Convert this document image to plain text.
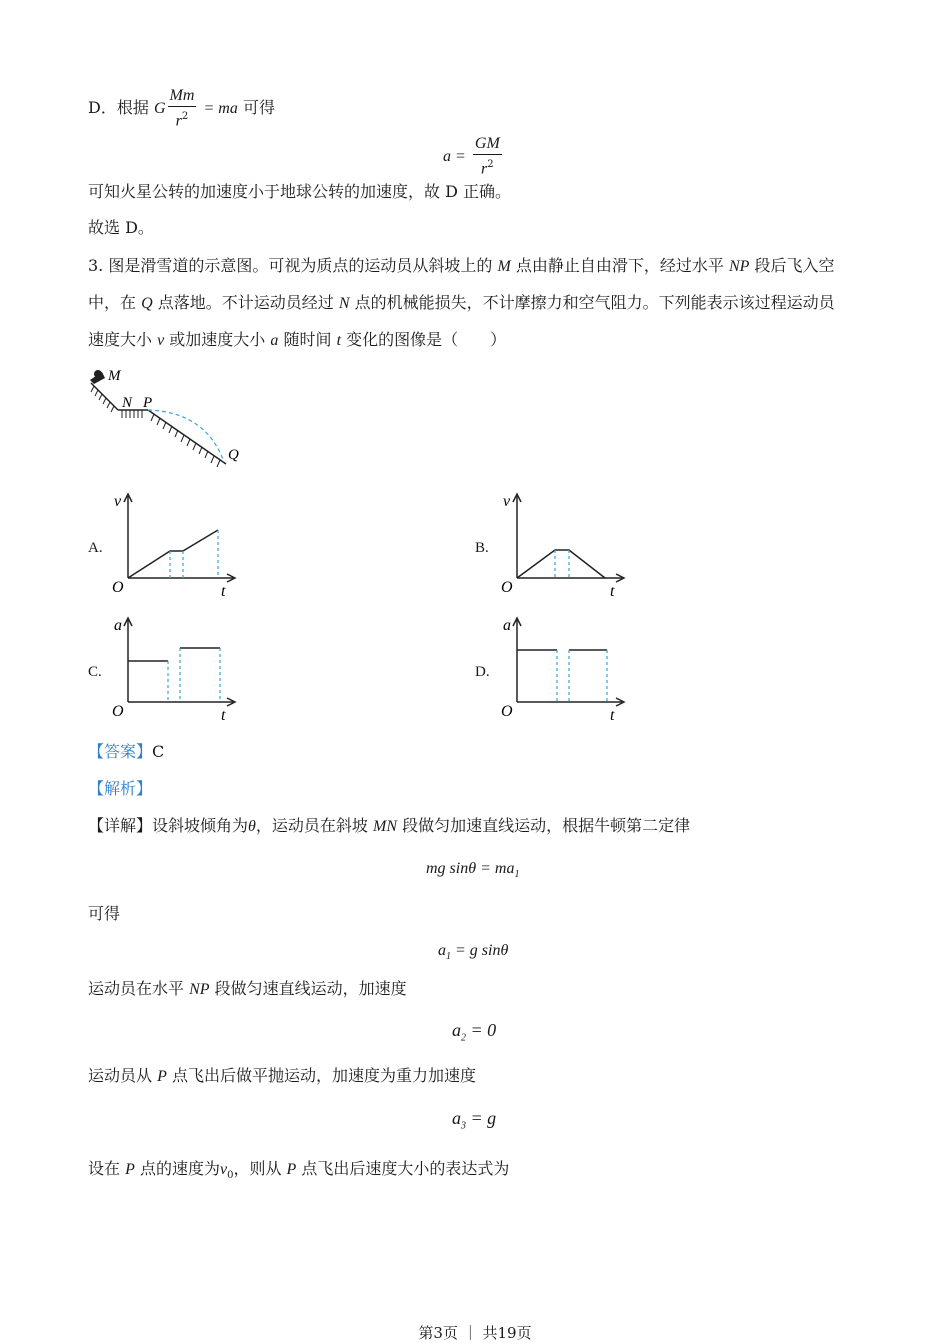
D．根据 G $\frac{Mm}{r^2}$ = ma 可得
$a = \frac{GM}{r^2}$
可知火星公转的加速度小于地球公转的加速度，故 D 正确。
故选 D。
3. 图是滑雪道的示意图。可视为质点的运动员从斜坡上的 M 点由静止自由滑下，经过水平 NP 段后飞入空
中，在 Q 点落地。不计运动员经过 N 点的机械能损失，不计摩擦力和空气阻力。下列能表示该过程运动员
速度大小 v 或加速度大小 a 随时间 t 变化的图像是（　　）
M
N P
Q
A.
v
O	t
B.
v
O	t
C.
a
O	t
D.
a
O	t
【答案】C
【解析】
【详解】设斜坡倾角为θ，运动员在斜坡 MN 段做匀加速直线运动，根据牛顿第二定律
mg $\sin\theta = ma_1$
可得
$a_1 = g$ sinθ
运动员在水平 NP 段做匀速直线运动，加速度
$a_2 = 0$
运动员从 P 点飞出后做平抛运动，加速度为重力加速度
$a_3 = g$
设在 P 点的速度为$v_0$，则从 P 点飞出后速度大小的表达式为
第3页 ｜ 共19页
